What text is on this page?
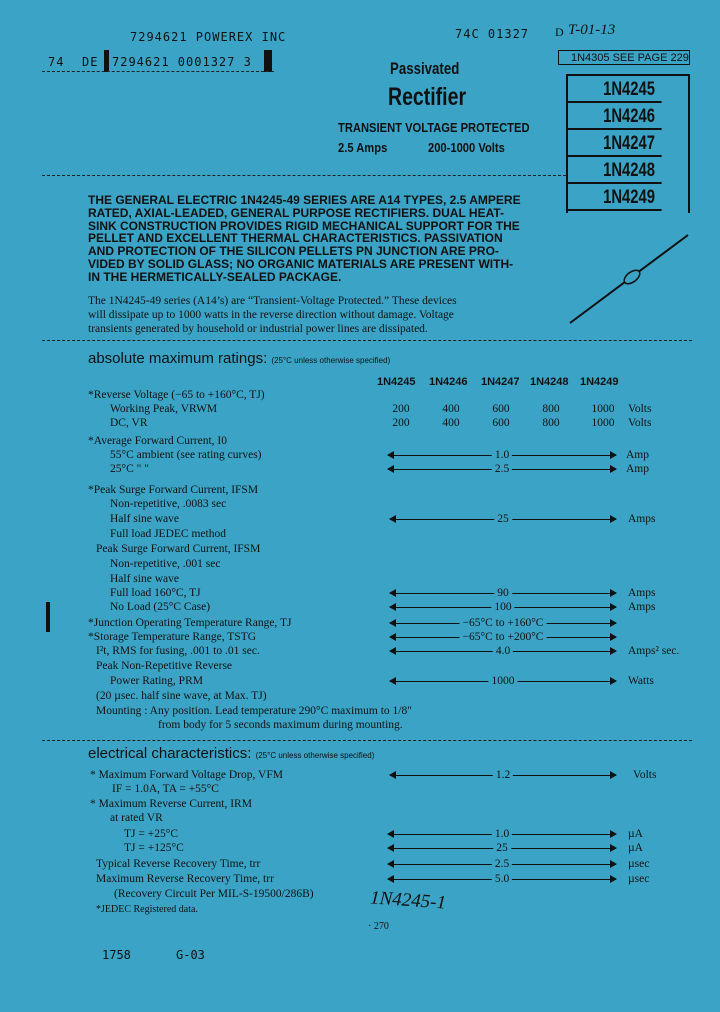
7294621 POWEREX INC	74C 01327 D T-01-13
74 DE 7294621 0001327 3	1N4305 SEE PAGE 229
Passivated
Rectifier
TRANSIENT VOLTAGE PROTECTED
2.5 Amps	200-1000 Volts
1N4245
1N4246
1N4247
1N4248
1N4249

THE GENERAL ELECTRIC 1N4245-49 SERIES ARE A14 TYPES, 2.5 AMPERE

RATED, AXIAL-LEADED, GENERAL PURPOSE RECTIFIERS. DUAL HEAT-

SINK CONSTRUCTION PROVIDES RIGID MECHANICAL SUPPORT FOR THE

PELLET AND EXCELLENT THERMAL CHARACTERISTICS. PASSIVATION

AND PROTECTION OF THE SILICON PELLETS PN JUNCTION ARE PRO-

VIDED BY SOLID GLASS; NO ORGANIC MATERIALS ARE PRESENT WITH-

IN THE HERMETICALLY-SEALED PACKAGE.

The 1N4245-49 series (A14’s) are “Transient-Voltage Protected.” These devices

will dissipate up to 1000 watts in the reverse direction without damage. Voltage

transients generated by household or industrial power lines are dissipated.

absolute maximum ratings: (25°C unless otherwise specified)
1N4245 1N4246 1N4247 1N4248 1N4249
*Reverse Voltage (−65 to +160°C, TJ)
Working Peak, VRWM	200	400	600	800	1000	Volts
DC, VR	200	400	600	800	1000	Volts
*Average Forward Current, I0
55°C ambient (see rating curves)	1.0	Amp
25°C " "	2.5	Amp
*Peak Surge Forward Current, IFSM
Non-repetitive, .0083 sec
Half sine wave	25	Amps
Full load JEDEC method
Peak Surge Forward Current, IFSM
Non-repetitive, .001 sec
Half sine wave
Full load 160°C, TJ	90	Amps
No Load (25°C Case)	100	Amps
*Junction Operating Temperature Range, TJ	−65°C to +160°C
*Storage Temperature Range, TSTG	−65°C to +200°C
I²t, RMS for fusing, .001 to .01 sec.	4.0	Amps² sec.
Peak Non-Repetitive Reverse
Power Rating, PRM	1000	Watts
(20 µsec. half sine wave, at Max. TJ)
Mounting : Any position. Lead temperature 290°C maximum to 1/8"
from body for 5 seconds maximum during mounting.
electrical characteristics: (25°C unless otherwise specified)
* Maximum Forward Voltage Drop, VFM	1.2	Volts
IF = 1.0A, TA = +55°C
* Maximum Reverse Current, IRM
at rated VR
TJ = +25°C	1.0	µA
TJ = +125°C	25	µA
Typical Reverse Recovery Time, trr	2.5	µsec
Maximum Reverse Recovery Time, trr	5.0	µsec
(Recovery Circuit Per MIL-S-19500/286B)
*JEDEC Registered data.	1N4245-1
· 270
1758	G-03
